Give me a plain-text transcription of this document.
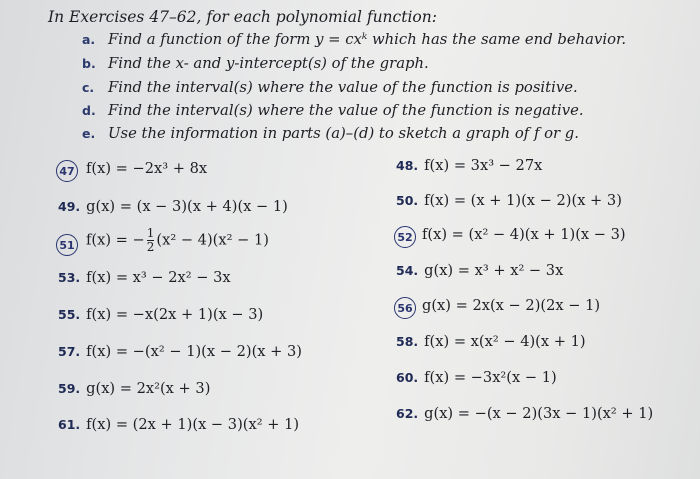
In Exercises 47–62, for each polynomial function:
a. Find a function of the form y = cxᵏ which has the same end behavior.
b. Find the x- and y-intercept(s) of the graph.
c. Find the interval(s) where the value of the function is positive.
d. Find the interval(s) where the value of the function is negative.
e. Use the information in parts (a)–(d) to sketch a graph of f or g.
47 f(x) = −2x³ + 8x	48. f(x) = 3x³ − 27x
49. g(x) = (x − 3)(x + 4)(x − 1)	50. f(x) = (x + 1)(x − 2)(x + 3)
51 f(x) = − $\frac{1}{2} (x^2 - 4)(x^2 - 1)$	52 f(x) = (x² − 4)(x + 1)(x − 3)
53. f(x) = x³ − 2x² − 3x	54. g(x) = x³ + x² − 3x
55. f(x) = −x(2x + 1)(x − 3)	56 g(x) = 2x(x − 2)(2x − 1)
57. f(x) = −(x² − 1)(x − 2)(x + 3)
58. f(x) = x(x² − 4)(x + 1)
59. g(x) = 2x²(x + 3)
60. f(x) = −3x²(x − 1)
61. f(x) = (2x + 1)(x − 3)(x² + 1)
62. g(x) = −(x − 2)(3x − 1)(x² + 1)
